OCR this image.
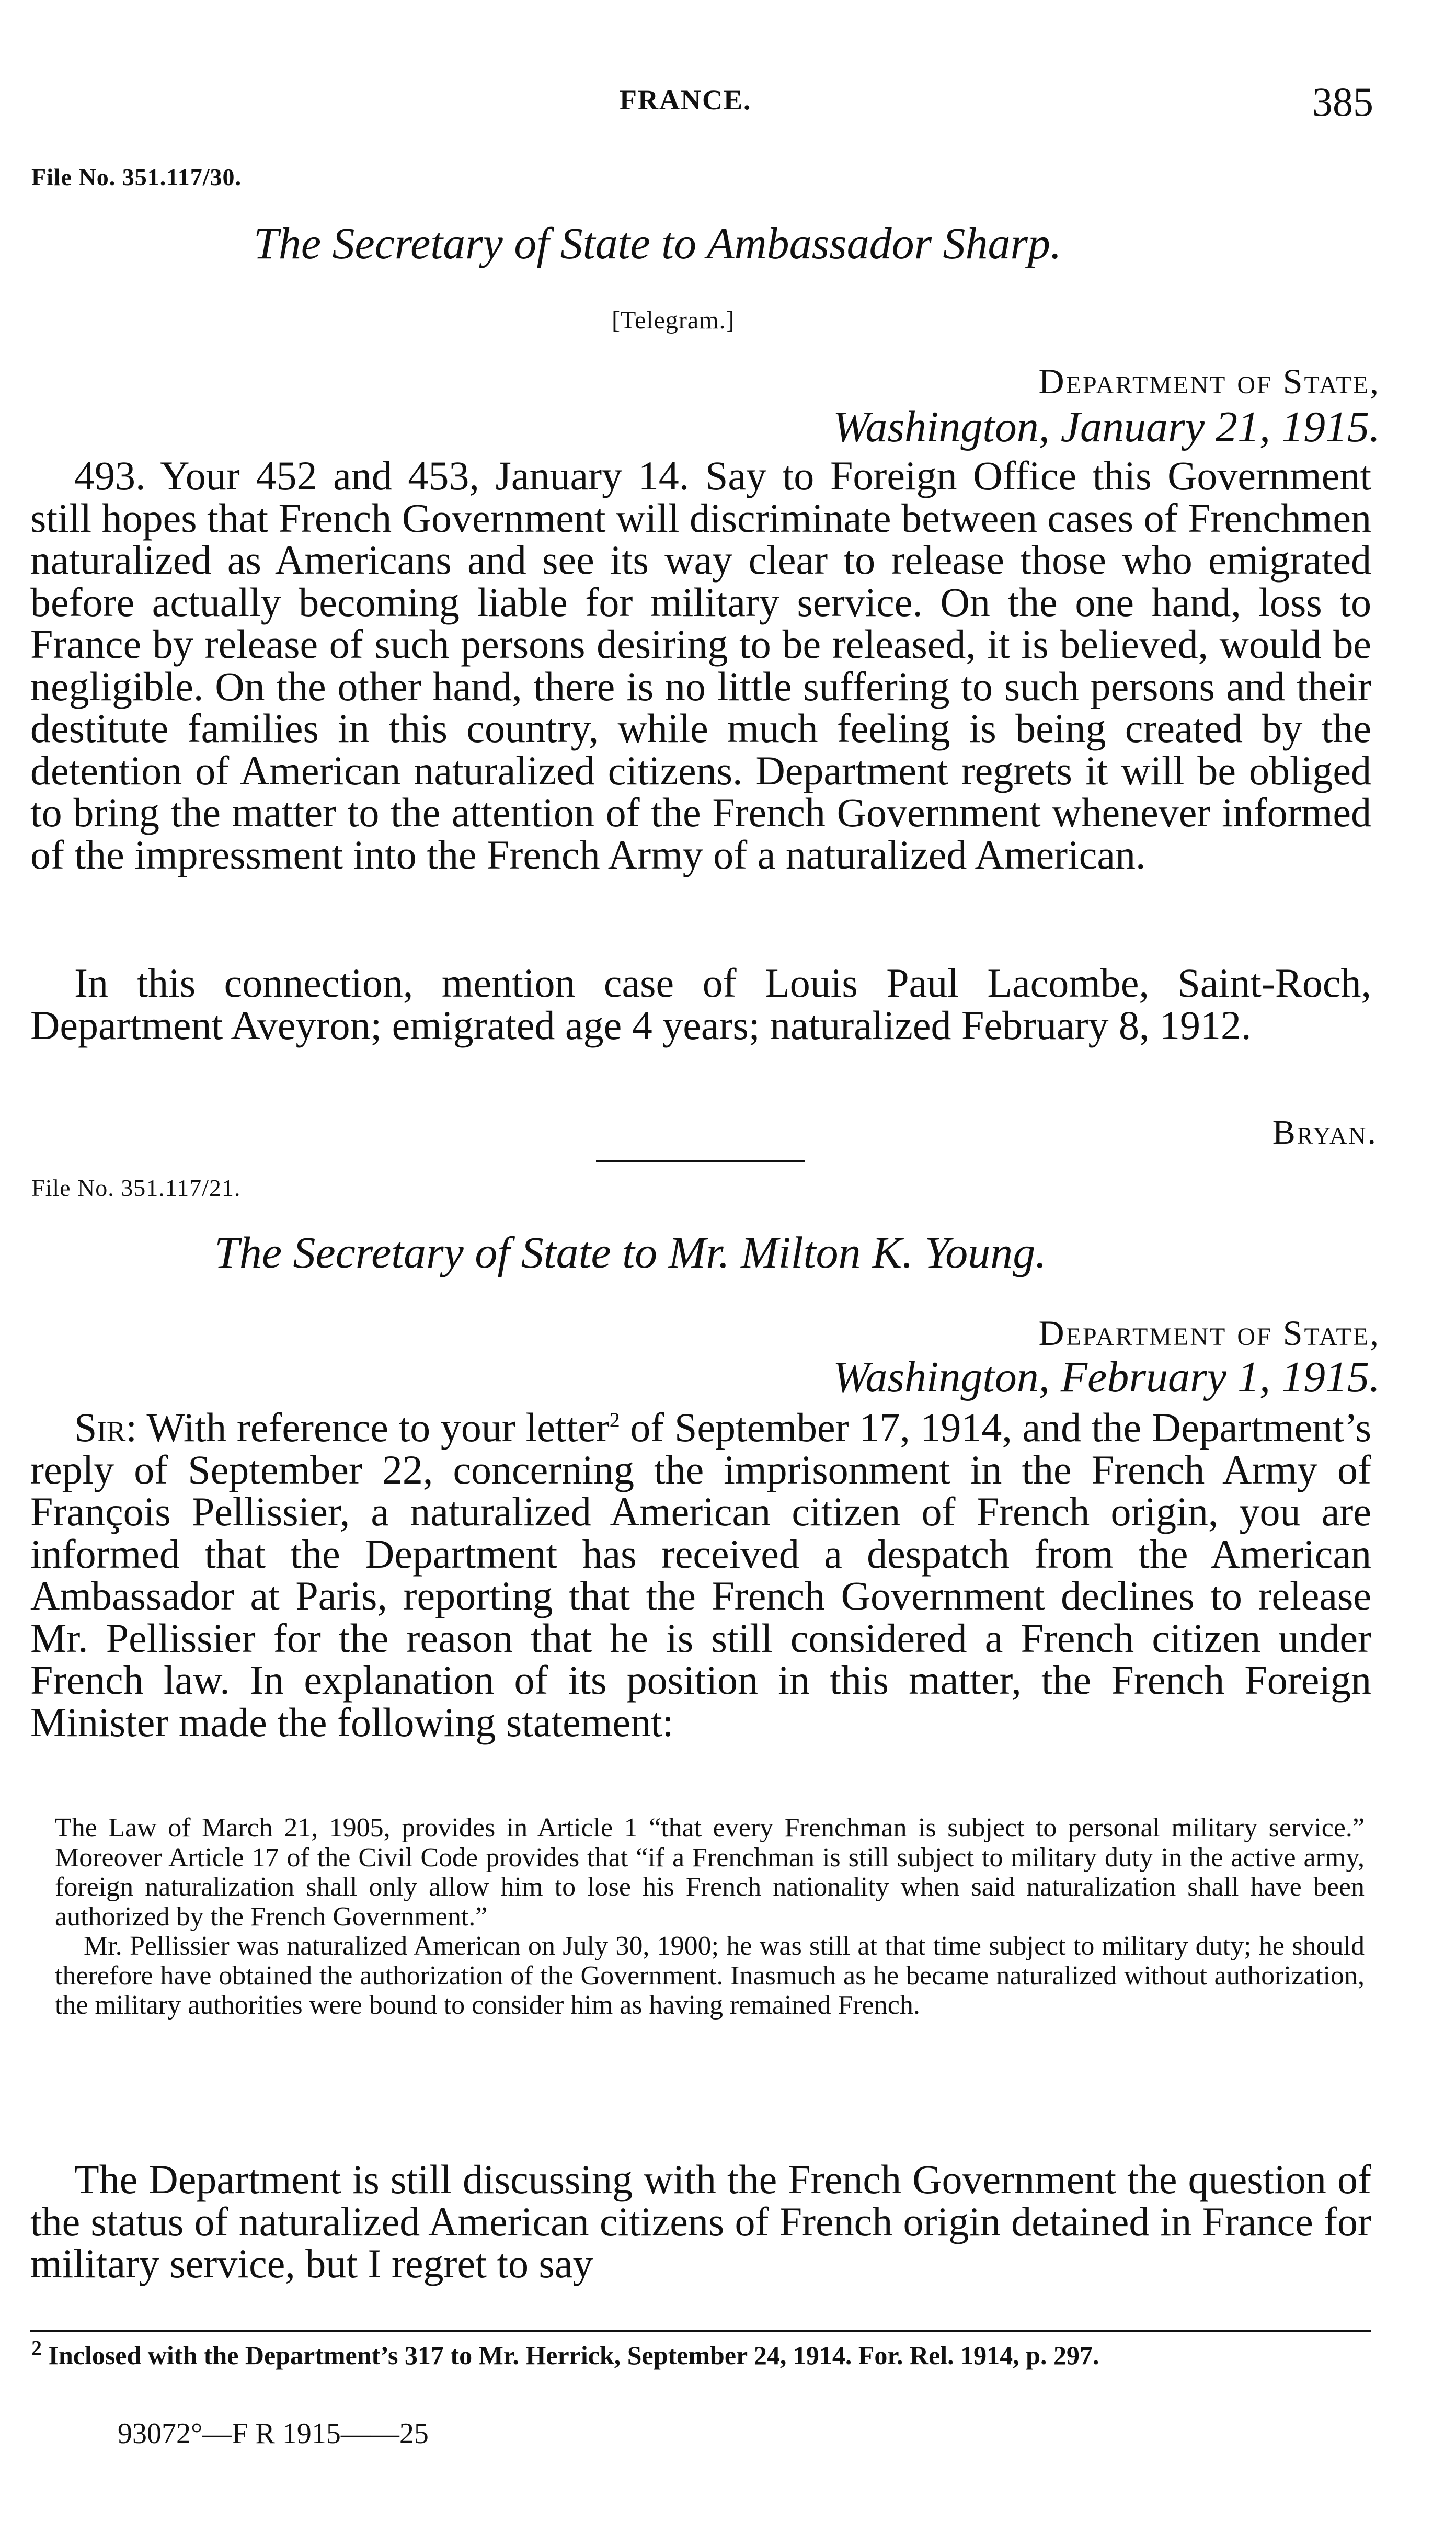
FRANCE.	385
File No. 351.117/30.
The Secretary of State to Ambassador Sharp.
[Telegram.]
Department of State,
Washington, January 21, 1915.

493. Your 452 and 453, January 14. Say to Foreign Office this Government still hopes that French Government will discriminate between cases of Frenchmen naturalized as Americans and see its way clear to release those who emigrated before actually becoming liable for military service. On the one hand, loss to France by release of such persons desiring to be released, it is believed, would be negligible. On the other hand, there is no little suffering to such persons and their destitute families in this country, while much feeling is being created by the detention of American naturalized citizens. Department regrets it will be obliged to bring the matter to the attention of the French Government whenever informed of the impressment into the French Army of a naturalized American.

In this connection, mention case of Louis Paul Lacombe, Saint-Roch, Department Aveyron; emigrated age 4 years; naturalized February 8, 1912.

Bryan.
File No. 351.117/21.
The Secretary of State to Mr. Milton K. Young.
Department of State,
Washington, February 1, 1915.

Sir: With reference to your letter$^2$ of September 17, 1914, and the Department’s reply of September 22, concerning the imprisonment in the French Army of François Pellissier, a naturalized American citizen of French origin, you are informed that the Department has received a despatch from the American Ambassador at Paris, reporting that the French Government declines to release Mr. Pellissier for the reason that he is still considered a French citizen under French law. In explanation of its position in this matter, the French Foreign Minister made the following statement:

The Law of March 21, 1905, provides in Article 1 “that every Frenchman is subject to personal military service.” Moreover Article 17 of the Civil Code provides that “if a Frenchman is still subject to military duty in the active army, foreign naturalization shall only allow him to lose his French nationality when said naturalization shall have been authorized by the French Government.”

Mr. Pellissier was naturalized American on July 30, 1900; he was still at that time subject to military duty; he should therefore have obtained the authorization of the Government. Inasmuch as he became naturalized without authorization, the military authorities were bound to consider him as having remained French.

The Department is still discussing with the French Government the question of the status of naturalized American citizens of French origin detained in France for military service, but I regret to say

$^2$ Inclosed with the Department’s 317 to Mr. Herrick, September 24, 1914. For. Rel. 1914, p. 297.

93072°—F R 1915——25
